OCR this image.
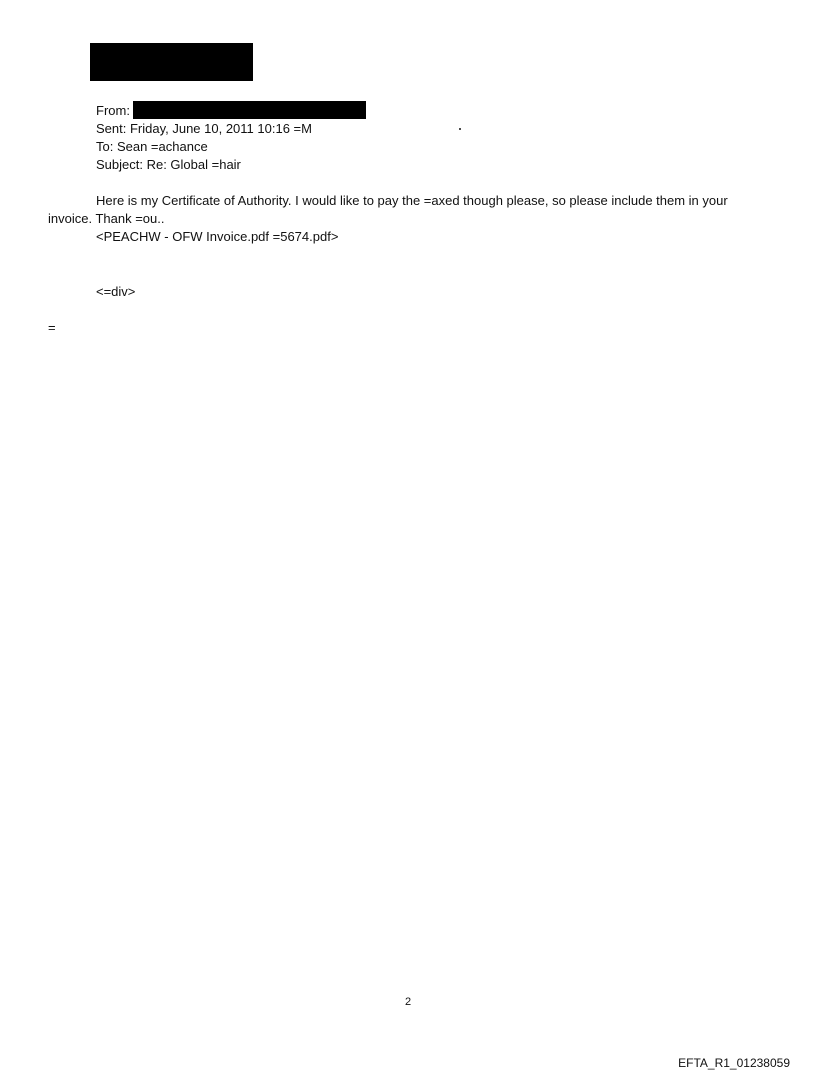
From:
Sent: Friday, June 10, 2011 10:16 =M
To: Sean =achance
Subject: Re: Global =hair
Here is my Certificate of Authority. I would like to pay the =axed though please, so please include them in your
invoice. Thank =ou..
<PEACHW - OFW Invoice.pdf =5674.pdf>
<=div>
=
2
EFTA_R1_01238059
